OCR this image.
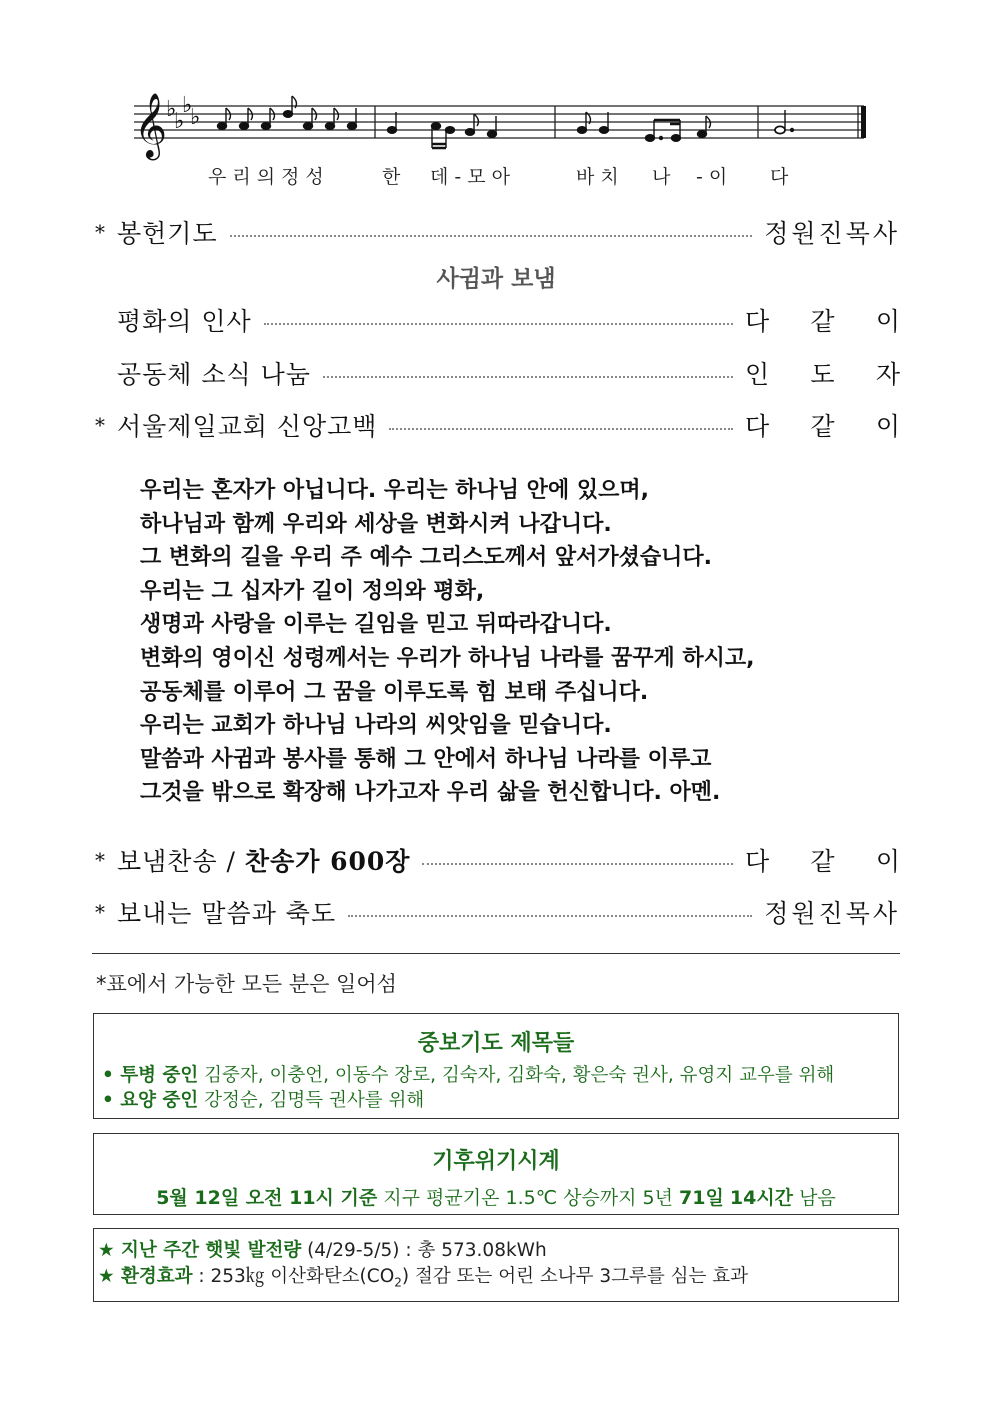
𝄞
♭
♭
♭
♭
우리의정성	한 데-모아	바치 나 -이 다
* 봉헌기도	정원진목사
사귐과 보냄
평화의 인사	다 같 이
공동체 소식 나눔	인 도 자
* 서울제일교회 신앙고백	다 같 이
우리는 혼자가 아닙니다. 우리는 하나님 안에 있으며,
하나님과 함께 우리와 세상을 변화시켜 나갑니다.
그 변화의 길을 우리 주 예수 그리스도께서 앞서가셨습니다.
우리는 그 십자가 길이 정의와 평화,
생명과 사랑을 이루는 길임을 믿고 뒤따라갑니다.
변화의 영이신 성령께서는 우리가 하나님 나라를 꿈꾸게 하시고,
공동체를 이루어 그 꿈을 이루도록 힘 보태 주십니다.
우리는 교회가 하나님 나라의 씨앗임을 믿습니다.
말씀과 사귐과 봉사를 통해 그 안에서 하나님 나라를 이루고
그것을 밖으로 확장해 나가고자 우리 삶을 헌신합니다. 아멘.
* 보냄찬송 / 찬송가 600장	다 같 이
* 보내는 말씀과 축도	정원진목사
*표에서 가능한 모든 분은 일어섬
중보기도 제목들
• 투병 중인 김중자, 이충언, 이동수 장로, 김숙자, 김화숙, 황은숙 권사, 유영지 교우를 위해
• 요양 중인 강정순, 김명득 권사를 위해
기후위기시계
5월 12일 오전 11시 기준 지구 평균기온 1.5℃ 상승까지 5년 71일 14시간 남음
★ 지난 주간 햇빛 발전량 (4/29-5/5) : 총 573.08kWh
★ 환경효과 : 253㎏ 이산화탄소$(CO_2)$ 절감 또는 어린 소나무 3그루를 심는 효과
